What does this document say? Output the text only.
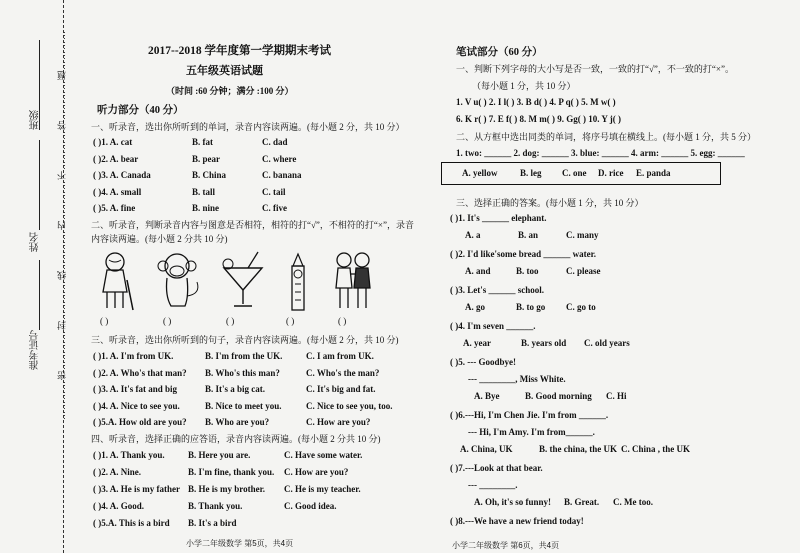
班级
姓名
准考证号 …………密…………封…………线…………内…………不…………答…………题…………	2017--2018 学年度第一学期期末考试
五年级英语试题
（时间 :60 分钟；满分 :100 分）
听力部分（40 分）
一、听录音，选出你所听到的单词，录音内容读两遍。(每小题 2 分，共 10 分）
( )1. A. cat	B. fat	C. dad
( )2. A. bear	B. pear	C. where
( )3. A. Canada	B. China	C. banana
( )4. A. small	B. tall	C. tail
( )5. A. fine	B. nine	C. five
二、听录音，判断录音内容与图意是否相符，相符的打“√”，不相符的打“×”，录音
内容读两遍。(每小题 2 分共 10 分)
( )	( )	( )	( )	( )
三、听录音，选出你所听到的句子，录音内容读两遍。(每小题 2 分，共 10 分)
( )1. A. I'm from UK.	B. I'm from the UK.	C. I am from UK.
( )2. A. Who's that man? B. Who's this man?	C. Who's the man?
( )3. A. It's fat and big	B. It's a big cat.	C. It's big and fat.
( )4. A. Nice to see you.	B. Nice to meet you.	C. Nice to see you, too.
( )5.A. How old are you? B. Who are you?	C. How are you?
四、听录音，选择正确的应答语，录音内容读两遍。(每小题 2 分共 10 分)
( )1. A. Thank you.	B. Here you are.	C. Have some water.
( )2. A. Nine.	B. I'm fine, thank you. C. How are you?
( )3. A. He is my father B. He is my brother. C. He is my teacher.
( )4. A. Good.	B. Thank you.	C. Good idea.
( )5.A. This is a bird B. It's a bird
小学二年级数学 第5页，共4页
笔试部分（60 分）
一、判断下列字母的大小写是否一致，一致的打“√”，不一致的打“×”。
（每小题 1 分，共 10 分）
1. V u( ) 2. I l( ) 3. B d( ) 4. P q( ) 5. M w( )
6. K r( ) 7. E f( ) 8. M m( ) 9. Gg( ) 10. Y j( )
二、从方框中选出同类的单词，将序号填在横线上。(每小题 1 分，共 5 分）
1. two: ______ 2. dog: ______ 3. blue: ______ 4. arm: ______ 5. egg: ______
A. yellow	B. leg C. one D. rice E. panda
三、选择正确的答案。(每小题 1 分，共 10 分）
( )1. It's ______ elephant.
A. a	B. an	C. many
( )2. I'd like'some bread ______ water.
A. and	B. too	C. please
( )3. Let's ______ school.
A. go	B. to go C. go to
( )4. I'm seven ______.
A. year	B. years old C. old years
( )5. --- Goodbye!
--- ________, Miss White.
A. Bye	B. Good morning C. Hi
( )6.---Hi, I'm Chen Jie. I'm from ______.
--- Hi, I'm Amy. I'm from______.
A. China, UK	B. the china, the UK C. China , the UK
( )7.---Look at that bear.
--- ________.
A. Oh, it's so funny! B. Great. C. Me too.
( )8.---We have a new friend today!
小学二年级数学 第6页，共4页
